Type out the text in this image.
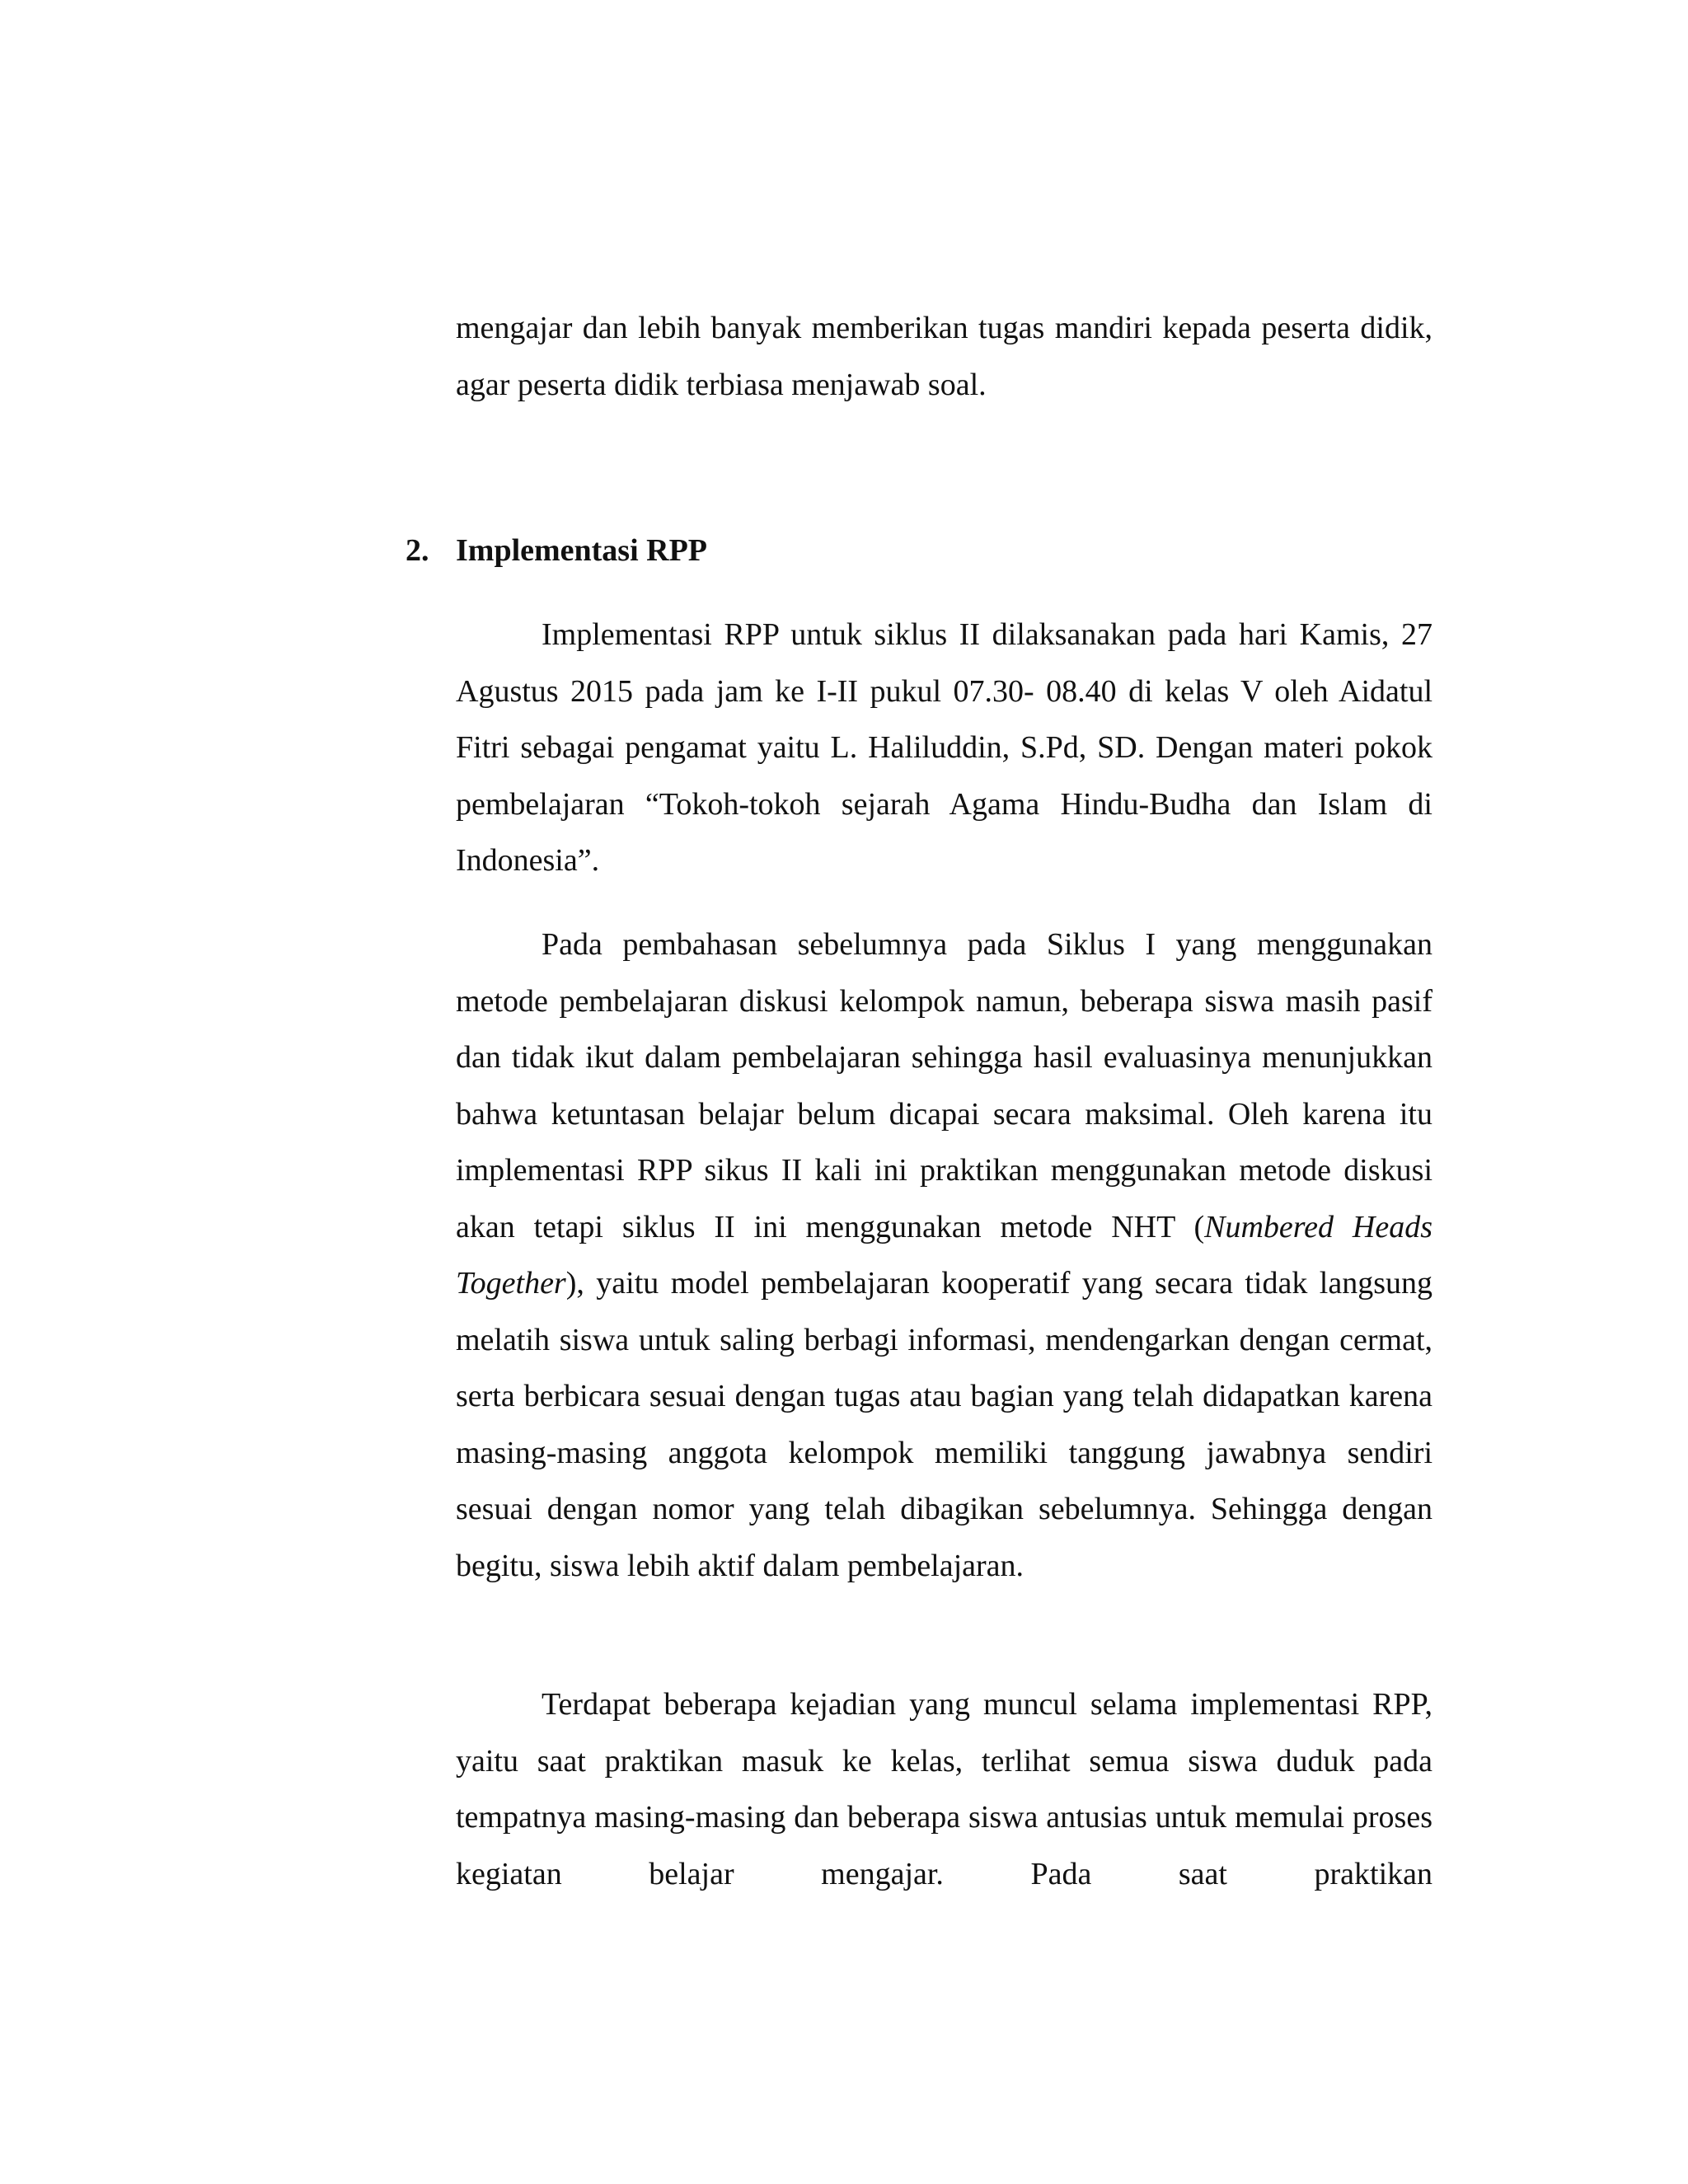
mengajar dan lebih banyak memberikan tugas mandiri kepada peserta didik, agar peserta didik terbiasa menjawab soal.

2. Implementasi RPP

Implementasi RPP untuk siklus II dilaksanakan pada hari Kamis, 27 Agustus 2015 pada jam ke I-II pukul 07.30- 08.40 di kelas V oleh Aidatul Fitri sebagai pengamat yaitu L. Haliluddin, S.Pd, SD. Dengan materi pokok pembelajaran “Tokoh-tokoh sejarah Agama Hindu-Budha dan Islam di Indonesia”.

Pada pembahasan sebelumnya pada Siklus I yang menggunakan metode pembelajaran diskusi kelompok namun, beberapa siswa masih pasif dan tidak ikut dalam pembelajaran sehingga hasil evaluasinya menunjukkan bahwa ketuntasan belajar belum dicapai secara maksimal. Oleh karena itu implementasi RPP sikus II kali ini praktikan menggunakan metode diskusi akan tetapi siklus II ini menggunakan metode NHT (Numbered Heads Together), yaitu model pembelajaran kooperatif yang secara tidak langsung melatih siswa untuk saling berbagi informasi, mendengarkan dengan cermat, serta berbicara sesuai dengan tugas atau bagian yang telah didapatkan karena masing-masing anggota kelompok memiliki tanggung jawabnya sendiri sesuai dengan nomor yang telah dibagikan sebelumnya. Sehingga dengan begitu, siswa lebih aktif dalam pembelajaran.

Terdapat beberapa kejadian yang muncul selama implementasi RPP, yaitu saat praktikan masuk ke kelas, terlihat semua siswa duduk pada tempatnya masing-masing dan beberapa siswa antusias untuk memulai proses kegiatan belajar mengajar. Pada saat praktikan
